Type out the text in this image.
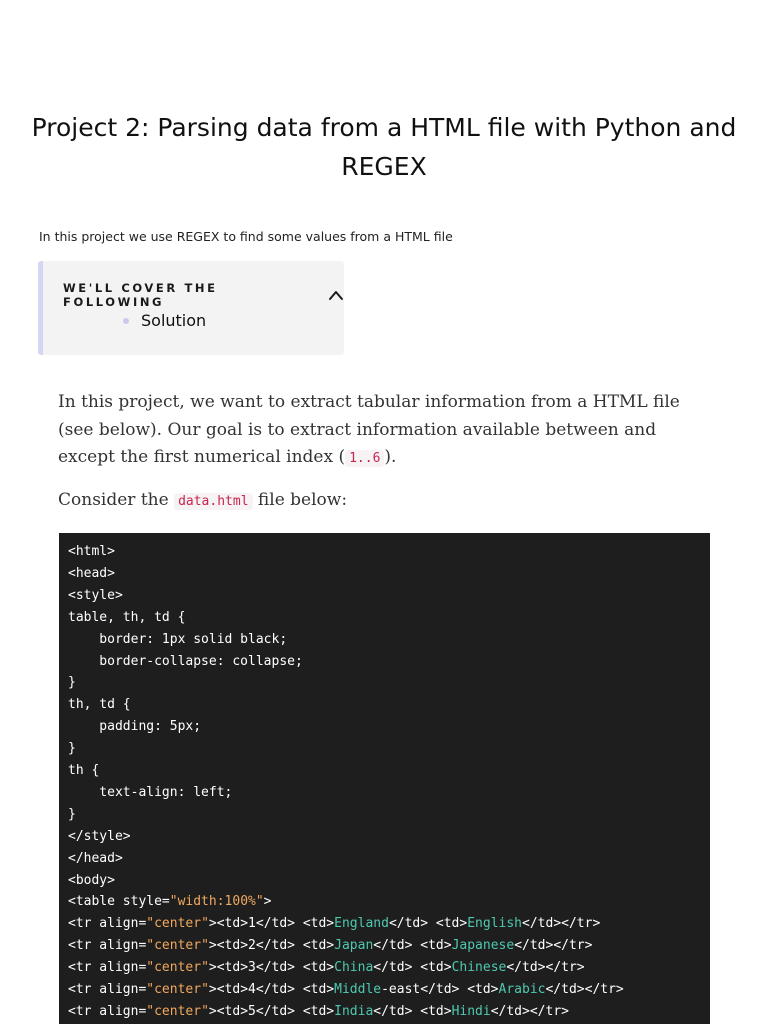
Project 2: Parsing data from a HTML file with Python and REGEX

In this project we use REGEX to find some values from a HTML file

WE'LL COVER THE FOLLOWING
Solution

In this project, we want to extract tabular information from a HTML file (see below). Our goal is to extract information available between and except the first numerical index ( 1..6 ).

Consider the data.html file below:

<html>
<head>
<style>
table, th, td {
border: 1px solid black;
border-collapse: collapse;
}
th, td {
padding: 5px;
}
th {
text-align: left;
}
</style>
</head>
<body>
<table style="width:100%">
<tr align="center"><td>1</td> <td>England</td> <td>English</td></tr>
<tr align="center"><td>2</td> <td>Japan</td> <td>Japanese</td></tr>
<tr align="center"><td>3</td> <td>China</td> <td>Chinese</td></tr>
<tr align="center"><td>4</td> <td>Middle-east</td> <td>Arabic</td></tr>
<tr align="center"><td>5</td> <td>India</td> <td>Hindi</td></tr>
